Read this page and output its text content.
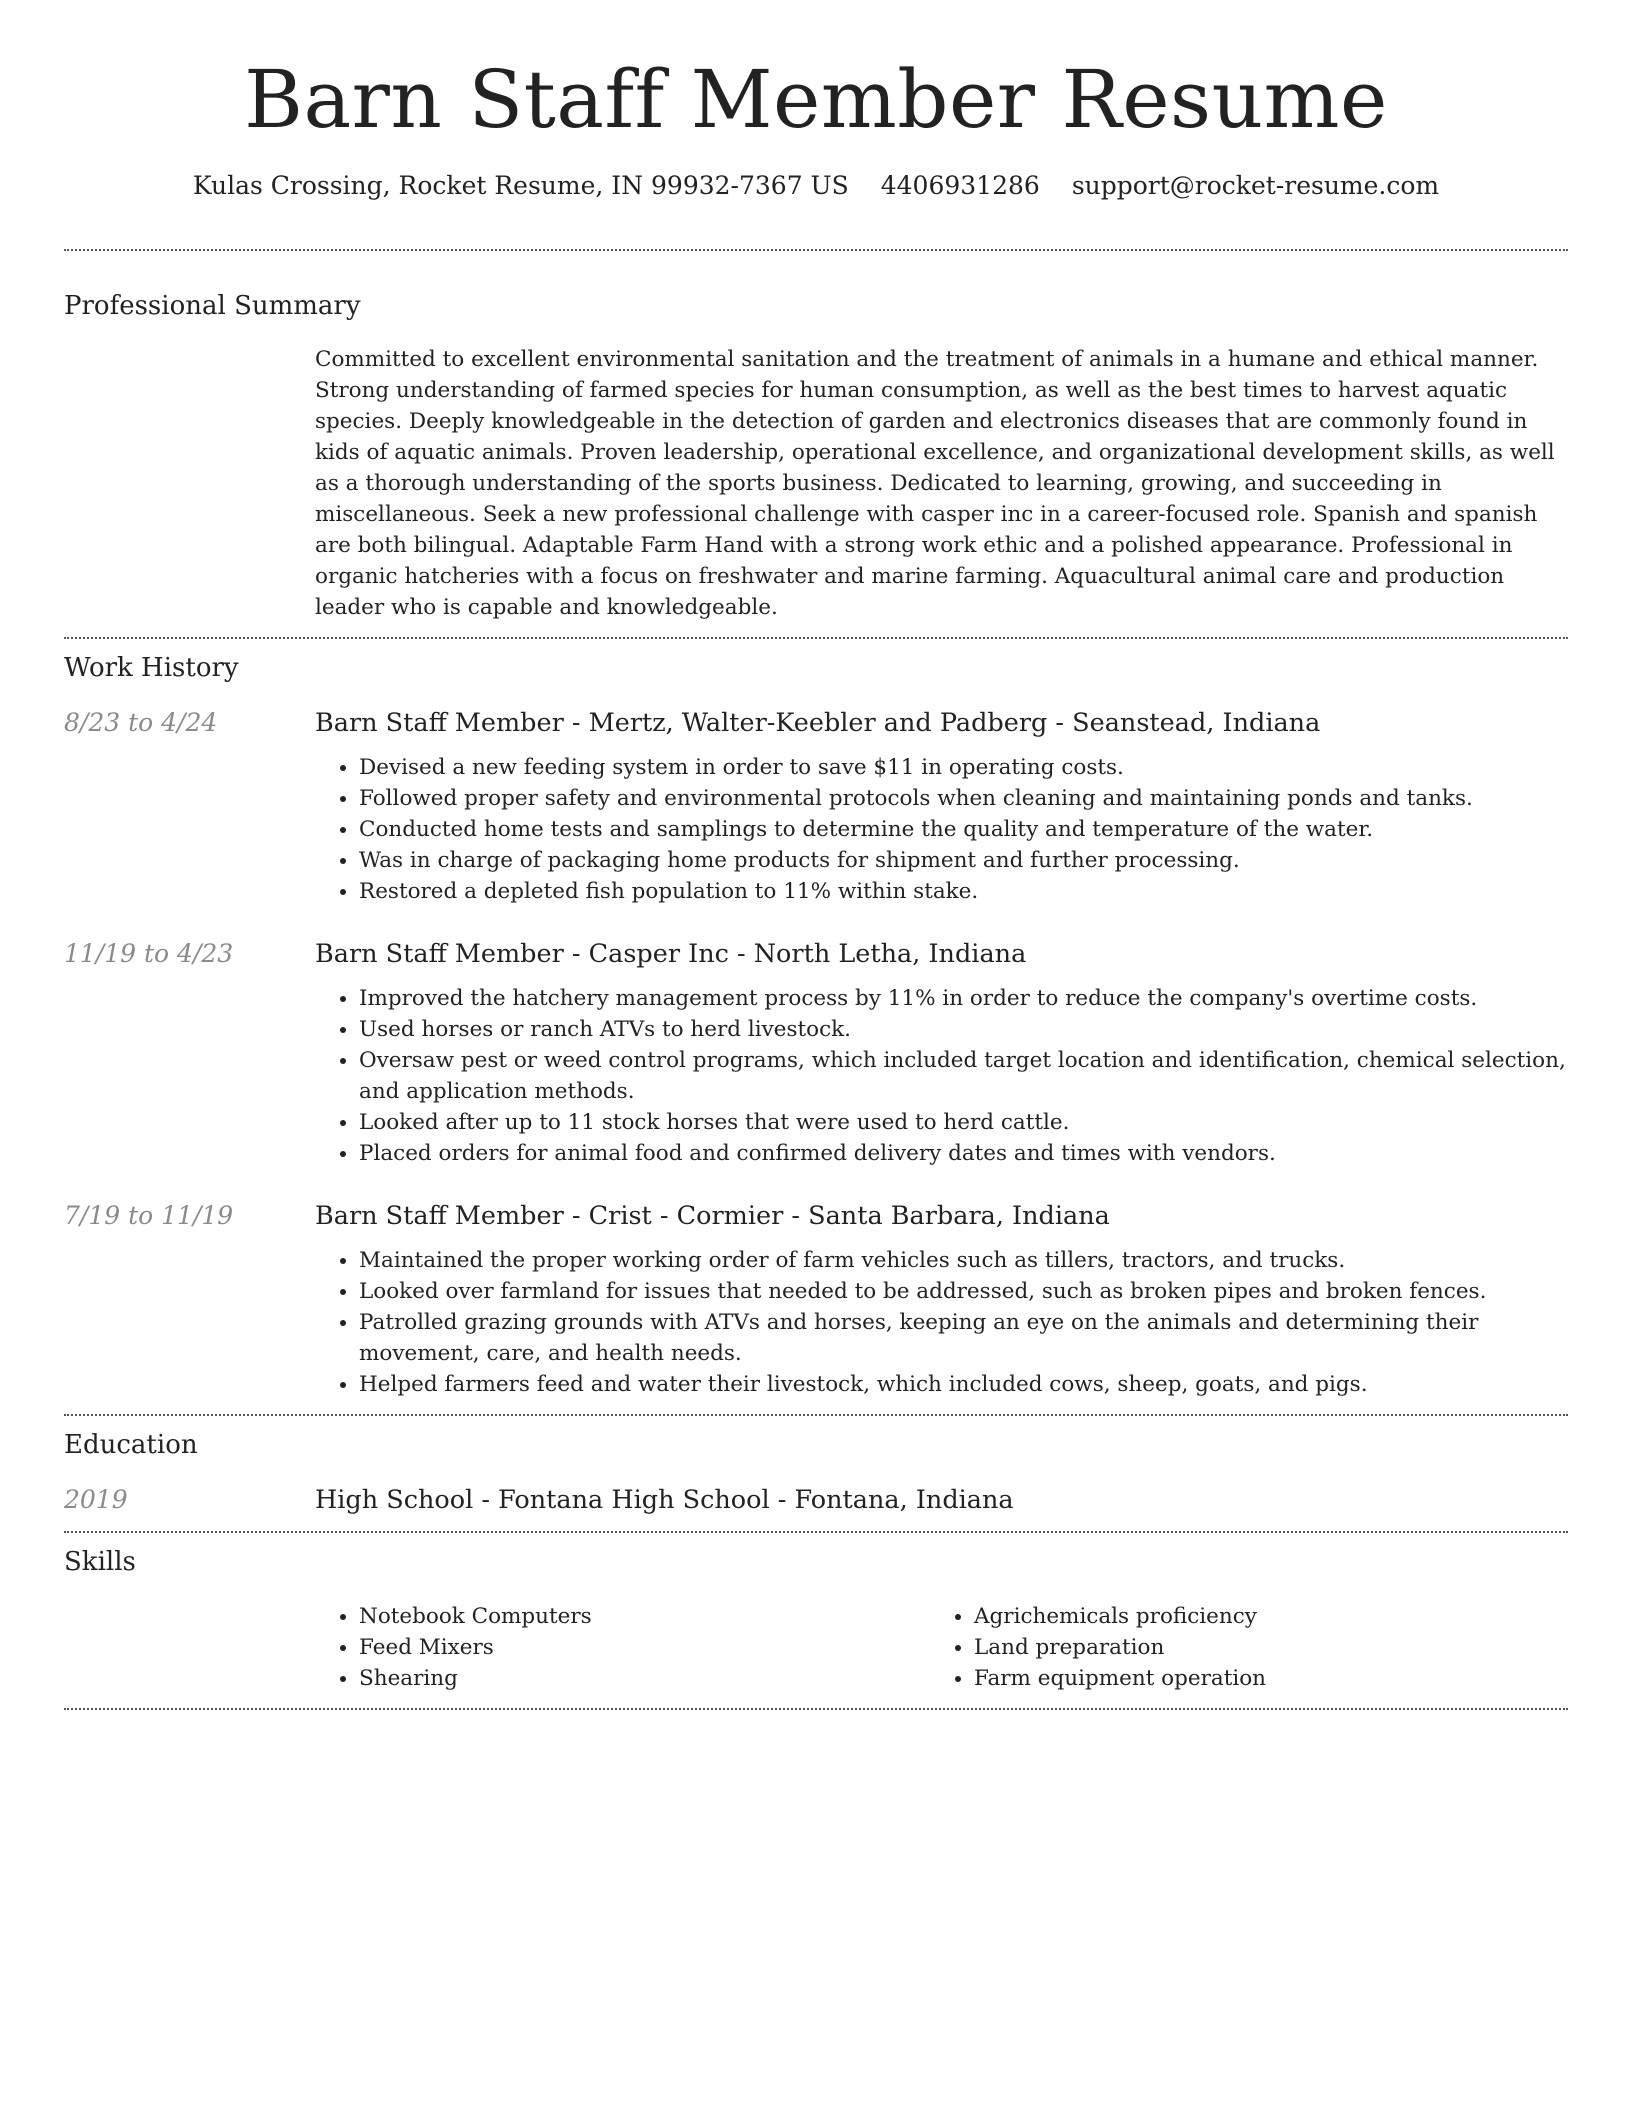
Barn Staff Member Resume
Kulas Crossing, Rocket Resume, IN 99932-7367 US 4406931286 support@rocket-resume.com
Professional Summary

Committed to excellent environmental sanitation and the treatment of animals in a humane and ethical manner. Strong understanding of farmed species for human consumption, as well as the best times to harvest aquatic species. Deeply knowledgeable in the detection of garden and electronics diseases that are commonly found in kids of aquatic animals. Proven leadership, operational excellence, and organizational development skills, as well as a thorough understanding of the sports business. Dedicated to learning, growing, and succeeding in miscellaneous. Seek a new professional challenge with casper inc in a career-focused role. Spanish and spanish are both bilingual. Adaptable Farm Hand with a strong work ethic and a polished appearance. Professional in organic hatcheries with a focus on freshwater and marine farming. Aquacultural animal care and production leader who is capable and knowledgeable.

Work History
8/23 to 4/24	Barn Staff Member - Mertz, Walter-Keebler and Padberg - Seanstead, Indiana
• Devised a new feeding system in order to save $11 in operating costs.
• Followed proper safety and environmental protocols when cleaning and maintaining ponds and tanks.
• Conducted home tests and samplings to determine the quality and temperature of the water.
• Was in charge of packaging home products for shipment and further processing.
• Restored a depleted fish population to 11% within stake.
11/19 to 4/23	Barn Staff Member - Casper Inc - North Letha, Indiana
• Improved the hatchery management process by 11% in order to reduce the company's overtime costs.
• Used horses or ranch ATVs to herd livestock.
• Oversaw pest or weed control programs, which included target location and identification, chemical selection, and application methods.
• Looked after up to 11 stock horses that were used to herd cattle.
• Placed orders for animal food and confirmed delivery dates and times with vendors.
7/19 to 11/19	Barn Staff Member - Crist - Cormier - Santa Barbara, Indiana
• Maintained the proper working order of farm vehicles such as tillers, tractors, and trucks.
• Looked over farmland for issues that needed to be addressed, such as broken pipes and broken fences.
• Patrolled grazing grounds with ATVs and horses, keeping an eye on the animals and determining their movement, care, and health needs.
• Helped farmers feed and water their livestock, which included cows, sheep, goats, and pigs.
Education
2019	High School - Fontana High School - Fontana, Indiana
Skills
• Notebook Computers
• Feed Mixers
• Shearing
• Agrichemicals proficiency
• Land preparation
• Farm equipment operation
